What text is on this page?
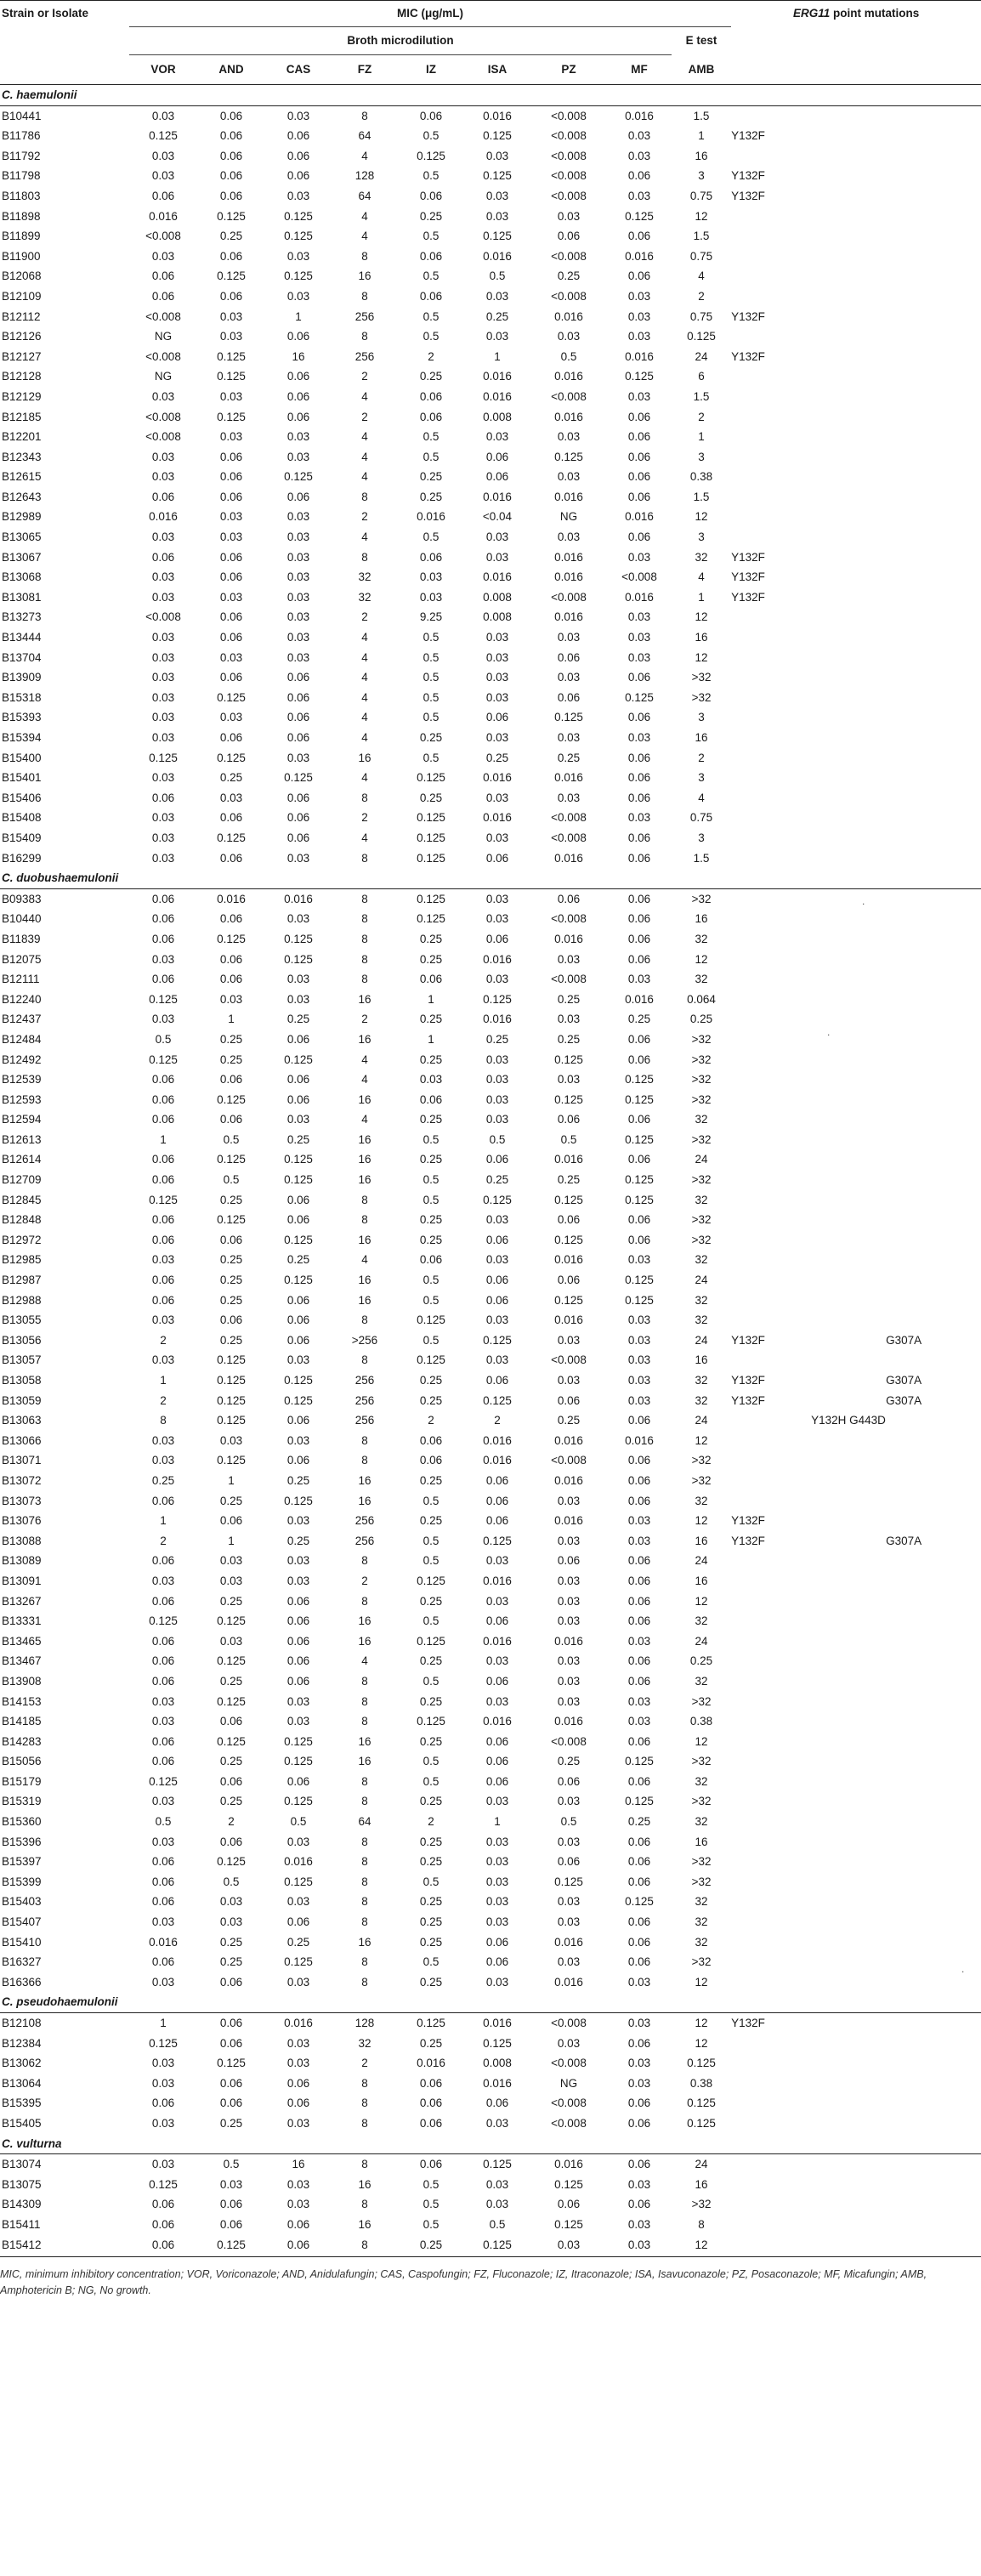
Strain or Isolate	MIC (μg/mL)									ERG11 point mutations		
	Broth microdilution								E test			
	VOR	AND	CAS	FZ	IZ	ISA	PZ	MF	AMB			
C. haemulonii												
B10441	0.03	0.06	0.03	8	0.06	0.016	<0.008	0.016	1.5			
B11786	0.125	0.06	0.06	64	0.5	0.125	<0.008	0.03	1	Y132F		
B11792	0.03	0.06	0.06	4	0.125	0.03	<0.008	0.03	16			
B11798	0.03	0.06	0.06	128	0.5	0.125	<0.008	0.06	3	Y132F		
B11803	0.06	0.06	0.03	64	0.06	0.03	<0.008	0.03	0.75	Y132F		
B11898	0.016	0.125	0.125	4	0.25	0.03	0.03	0.125	12			
B11899	<0.008	0.25	0.125	4	0.5	0.125	0.06	0.06	1.5			
B11900	0.03	0.06	0.03	8	0.06	0.016	<0.008	0.016	0.75			
B12068	0.06	0.125	0.125	16	0.5	0.5	0.25	0.06	4			
B12109	0.06	0.06	0.03	8	0.06	0.03	<0.008	0.03	2			
B12112	<0.008	0.03	1	256	0.5	0.25	0.016	0.03	0.75	Y132F		
B12126	NG	0.03	0.06	8	0.5	0.03	0.03	0.03	0.125			
B12127	<0.008	0.125	16	256	2	1	0.5	0.016	24	Y132F		
B12128	NG	0.125	0.06	2	0.25	0.016	0.016	0.125	6			
B12129	0.03	0.03	0.06	4	0.06	0.016	<0.008	0.03	1.5			
B12185	<0.008	0.125	0.06	2	0.06	0.008	0.016	0.06	2			
B12201	<0.008	0.03	0.03	4	0.5	0.03	0.03	0.06	1			
B12343	0.03	0.06	0.03	4	0.5	0.06	0.125	0.06	3			
B12615	0.03	0.06	0.125	4	0.25	0.06	0.03	0.06	0.38			
B12643	0.06	0.06	0.06	8	0.25	0.016	0.016	0.06	1.5			
B12989	0.016	0.03	0.03	2	0.016	<0.04	NG	0.016	12			
B13065	0.03	0.03	0.03	4	0.5	0.03	0.03	0.06	3			
B13067	0.06	0.06	0.03	8	0.06	0.03	0.016	0.03	32	Y132F		
B13068	0.03	0.06	0.03	32	0.03	0.016	0.016	<0.008	4	Y132F		
B13081	0.03	0.03	0.03	32	0.03	0.008	<0.008	0.016	1	Y132F		
B13273	<0.008	0.06	0.03	2	9.25	0.008	0.016	0.03	12			
B13444	0.03	0.06	0.03	4	0.5	0.03	0.03	0.03	16			
B13704	0.03	0.03	0.03	4	0.5	0.03	0.06	0.03	12			
B13909	0.03	0.06	0.06	4	0.5	0.03	0.03	0.06	>32			
B15318	0.03	0.125	0.06	4	0.5	0.03	0.06	0.125	>32			
B15393	0.03	0.03	0.06	4	0.5	0.06	0.125	0.06	3			
B15394	0.03	0.06	0.06	4	0.25	0.03	0.03	0.03	16			
B15400	0.125	0.125	0.03	16	0.5	0.25	0.25	0.06	2			
B15401	0.03	0.25	0.125	4	0.125	0.016	0.016	0.06	3			
B15406	0.06	0.03	0.06	8	0.25	0.03	0.03	0.06	4			
B15408	0.03	0.06	0.06	2	0.125	0.016	<0.008	0.03	0.75			
B15409	0.03	0.125	0.06	4	0.125	0.03	<0.008	0.06	3			
B16299	0.03	0.06	0.03	8	0.125	0.06	0.016	0.06	1.5			
C. duobushaemulonii												
B09383	0.06	0.016	0.016	8	0.125	0.03	0.06	0.06	>32			
B10440	0.06	0.06	0.03	8	0.125	0.03	<0.008	0.06	16			
B11839	0.06	0.125	0.125	8	0.25	0.06	0.016	0.06	32			
B12075	0.03	0.06	0.125	8	0.25	0.016	0.03	0.06	12			
B12111	0.06	0.06	0.03	8	0.06	0.03	<0.008	0.03	32			
B12240	0.125	0.03	0.03	16	1	0.125	0.25	0.016	0.064			
B12437	0.03	1	0.25	2	0.25	0.016	0.03	0.25	0.25			
B12484	0.5	0.25	0.06	16	1	0.25	0.25	0.06	>32			
B12492	0.125	0.25	0.125	4	0.25	0.03	0.125	0.06	>32			
B12539	0.06	0.06	0.06	4	0.03	0.03	0.03	0.125	>32			
B12593	0.06	0.125	0.06	16	0.06	0.03	0.125	0.125	>32			
B12594	0.06	0.06	0.03	4	0.25	0.03	0.06	0.06	32			
B12613	1	0.5	0.25	16	0.5	0.5	0.5	0.125	>32			
B12614	0.06	0.125	0.125	16	0.25	0.06	0.016	0.06	24			
B12709	0.06	0.5	0.125	16	0.5	0.25	0.25	0.125	>32			
B12845	0.125	0.25	0.06	8	0.5	0.125	0.125	0.125	32			
B12848	0.06	0.125	0.06	8	0.25	0.03	0.06	0.06	>32			
B12972	0.06	0.06	0.125	16	0.25	0.06	0.125	0.06	>32			
B12985	0.03	0.25	0.25	4	0.06	0.03	0.016	0.03	32			
B12987	0.06	0.25	0.125	16	0.5	0.06	0.06	0.125	24			
B12988	0.06	0.25	0.06	16	0.5	0.06	0.125	0.125	32			
B13055	0.03	0.06	0.06	8	0.125	0.03	0.016	0.03	32			
B13056	2	0.25	0.06	>256	0.5	0.125	0.03	0.03	24	Y132F		G307A
B13057	0.03	0.125	0.03	8	0.125	0.03	<0.008	0.03	16			
B13058	1	0.125	0.125	256	0.25	0.06	0.03	0.03	32	Y132F		G307A
B13059	2	0.125	0.125	256	0.25	0.125	0.06	0.03	32	Y132F		G307A
B13063	8	0.125	0.06	256	2	2	0.25	0.06	24		Y132H G443D	
B13066	0.03	0.03	0.03	8	0.06	0.016	0.016	0.016	12			
B13071	0.03	0.125	0.06	8	0.06	0.016	<0.008	0.06	>32			
B13072	0.25	1	0.25	16	0.25	0.06	0.016	0.06	>32			
B13073	0.06	0.25	0.125	16	0.5	0.06	0.03	0.06	32			
B13076	1	0.06	0.03	256	0.25	0.06	0.016	0.03	12	Y132F		
B13088	2	1	0.25	256	0.5	0.125	0.03	0.03	16	Y132F		G307A
B13089	0.06	0.03	0.03	8	0.5	0.03	0.06	0.06	24			
B13091	0.03	0.03	0.03	2	0.125	0.016	0.03	0.06	16			
B13267	0.06	0.25	0.06	8	0.25	0.03	0.03	0.06	12			
B13331	0.125	0.125	0.06	16	0.5	0.06	0.03	0.06	32			
B13465	0.06	0.03	0.06	16	0.125	0.016	0.016	0.03	24			
B13467	0.06	0.125	0.06	4	0.25	0.03	0.03	0.06	0.25			
B13908	0.06	0.25	0.06	8	0.5	0.06	0.03	0.06	32			
B14153	0.03	0.125	0.03	8	0.25	0.03	0.03	0.03	>32			
B14185	0.03	0.06	0.03	8	0.125	0.016	0.016	0.03	0.38			
B14283	0.06	0.125	0.125	16	0.25	0.06	<0.008	0.06	12			
B15056	0.06	0.25	0.125	16	0.5	0.06	0.25	0.125	>32			
B15179	0.125	0.06	0.06	8	0.5	0.06	0.06	0.06	32			
B15319	0.03	0.25	0.125	8	0.25	0.03	0.03	0.125	>32			
B15360	0.5	2	0.5	64	2	1	0.5	0.25	32			
B15396	0.03	0.06	0.03	8	0.25	0.03	0.03	0.06	16			
B15397	0.06	0.125	0.016	8	0.25	0.03	0.06	0.06	>32			
B15399	0.06	0.5	0.125	8	0.5	0.03	0.125	0.06	>32			
B15403	0.06	0.03	0.03	8	0.25	0.03	0.03	0.125	32			
B15407	0.03	0.03	0.06	8	0.25	0.03	0.03	0.06	32			
B15410	0.016	0.25	0.25	16	0.25	0.06	0.016	0.06	32			
B16327	0.06	0.25	0.125	8	0.5	0.06	0.03	0.06	>32			
B16366	0.03	0.06	0.03	8	0.25	0.03	0.016	0.03	12			
C. pseudohaemulonii												
B12108	1	0.06	0.016	128	0.125	0.016	<0.008	0.03	12	Y132F		
B12384	0.125	0.06	0.03	32	0.25	0.125	0.03	0.06	12			
B13062	0.03	0.125	0.03	2	0.016	0.008	<0.008	0.03	0.125			
B13064	0.03	0.06	0.06	8	0.06	0.016	NG	0.03	0.38			
B15395	0.06	0.06	0.06	8	0.06	0.06	<0.008	0.06	0.125			
B15405	0.03	0.25	0.03	8	0.06	0.03	<0.008	0.06	0.125			
C. vulturna												
B13074	0.03	0.5	16	8	0.06	0.125	0.016	0.06	24			
B13075	0.125	0.03	0.03	16	0.5	0.03	0.125	0.03	16			
B14309	0.06	0.06	0.03	8	0.5	0.03	0.06	0.06	>32			
B15411	0.06	0.06	0.06	16	0.5	0.5	0.125	0.03	8			
B15412	0.06	0.125	0.06	8	0.25	0.125	0.03	0.03	12			
MIC, minimum inhibitory concentration; VOR, Voriconazole; AND, Anidulafungin; CAS, Caspofungin; FZ, Fluconazole; IZ, Itraconazole; ISA, Isavuconazole; PZ, Posaconazole; MF, Micafungin; AMB, Amphotericin B; NG, No growth.
.
.
.
